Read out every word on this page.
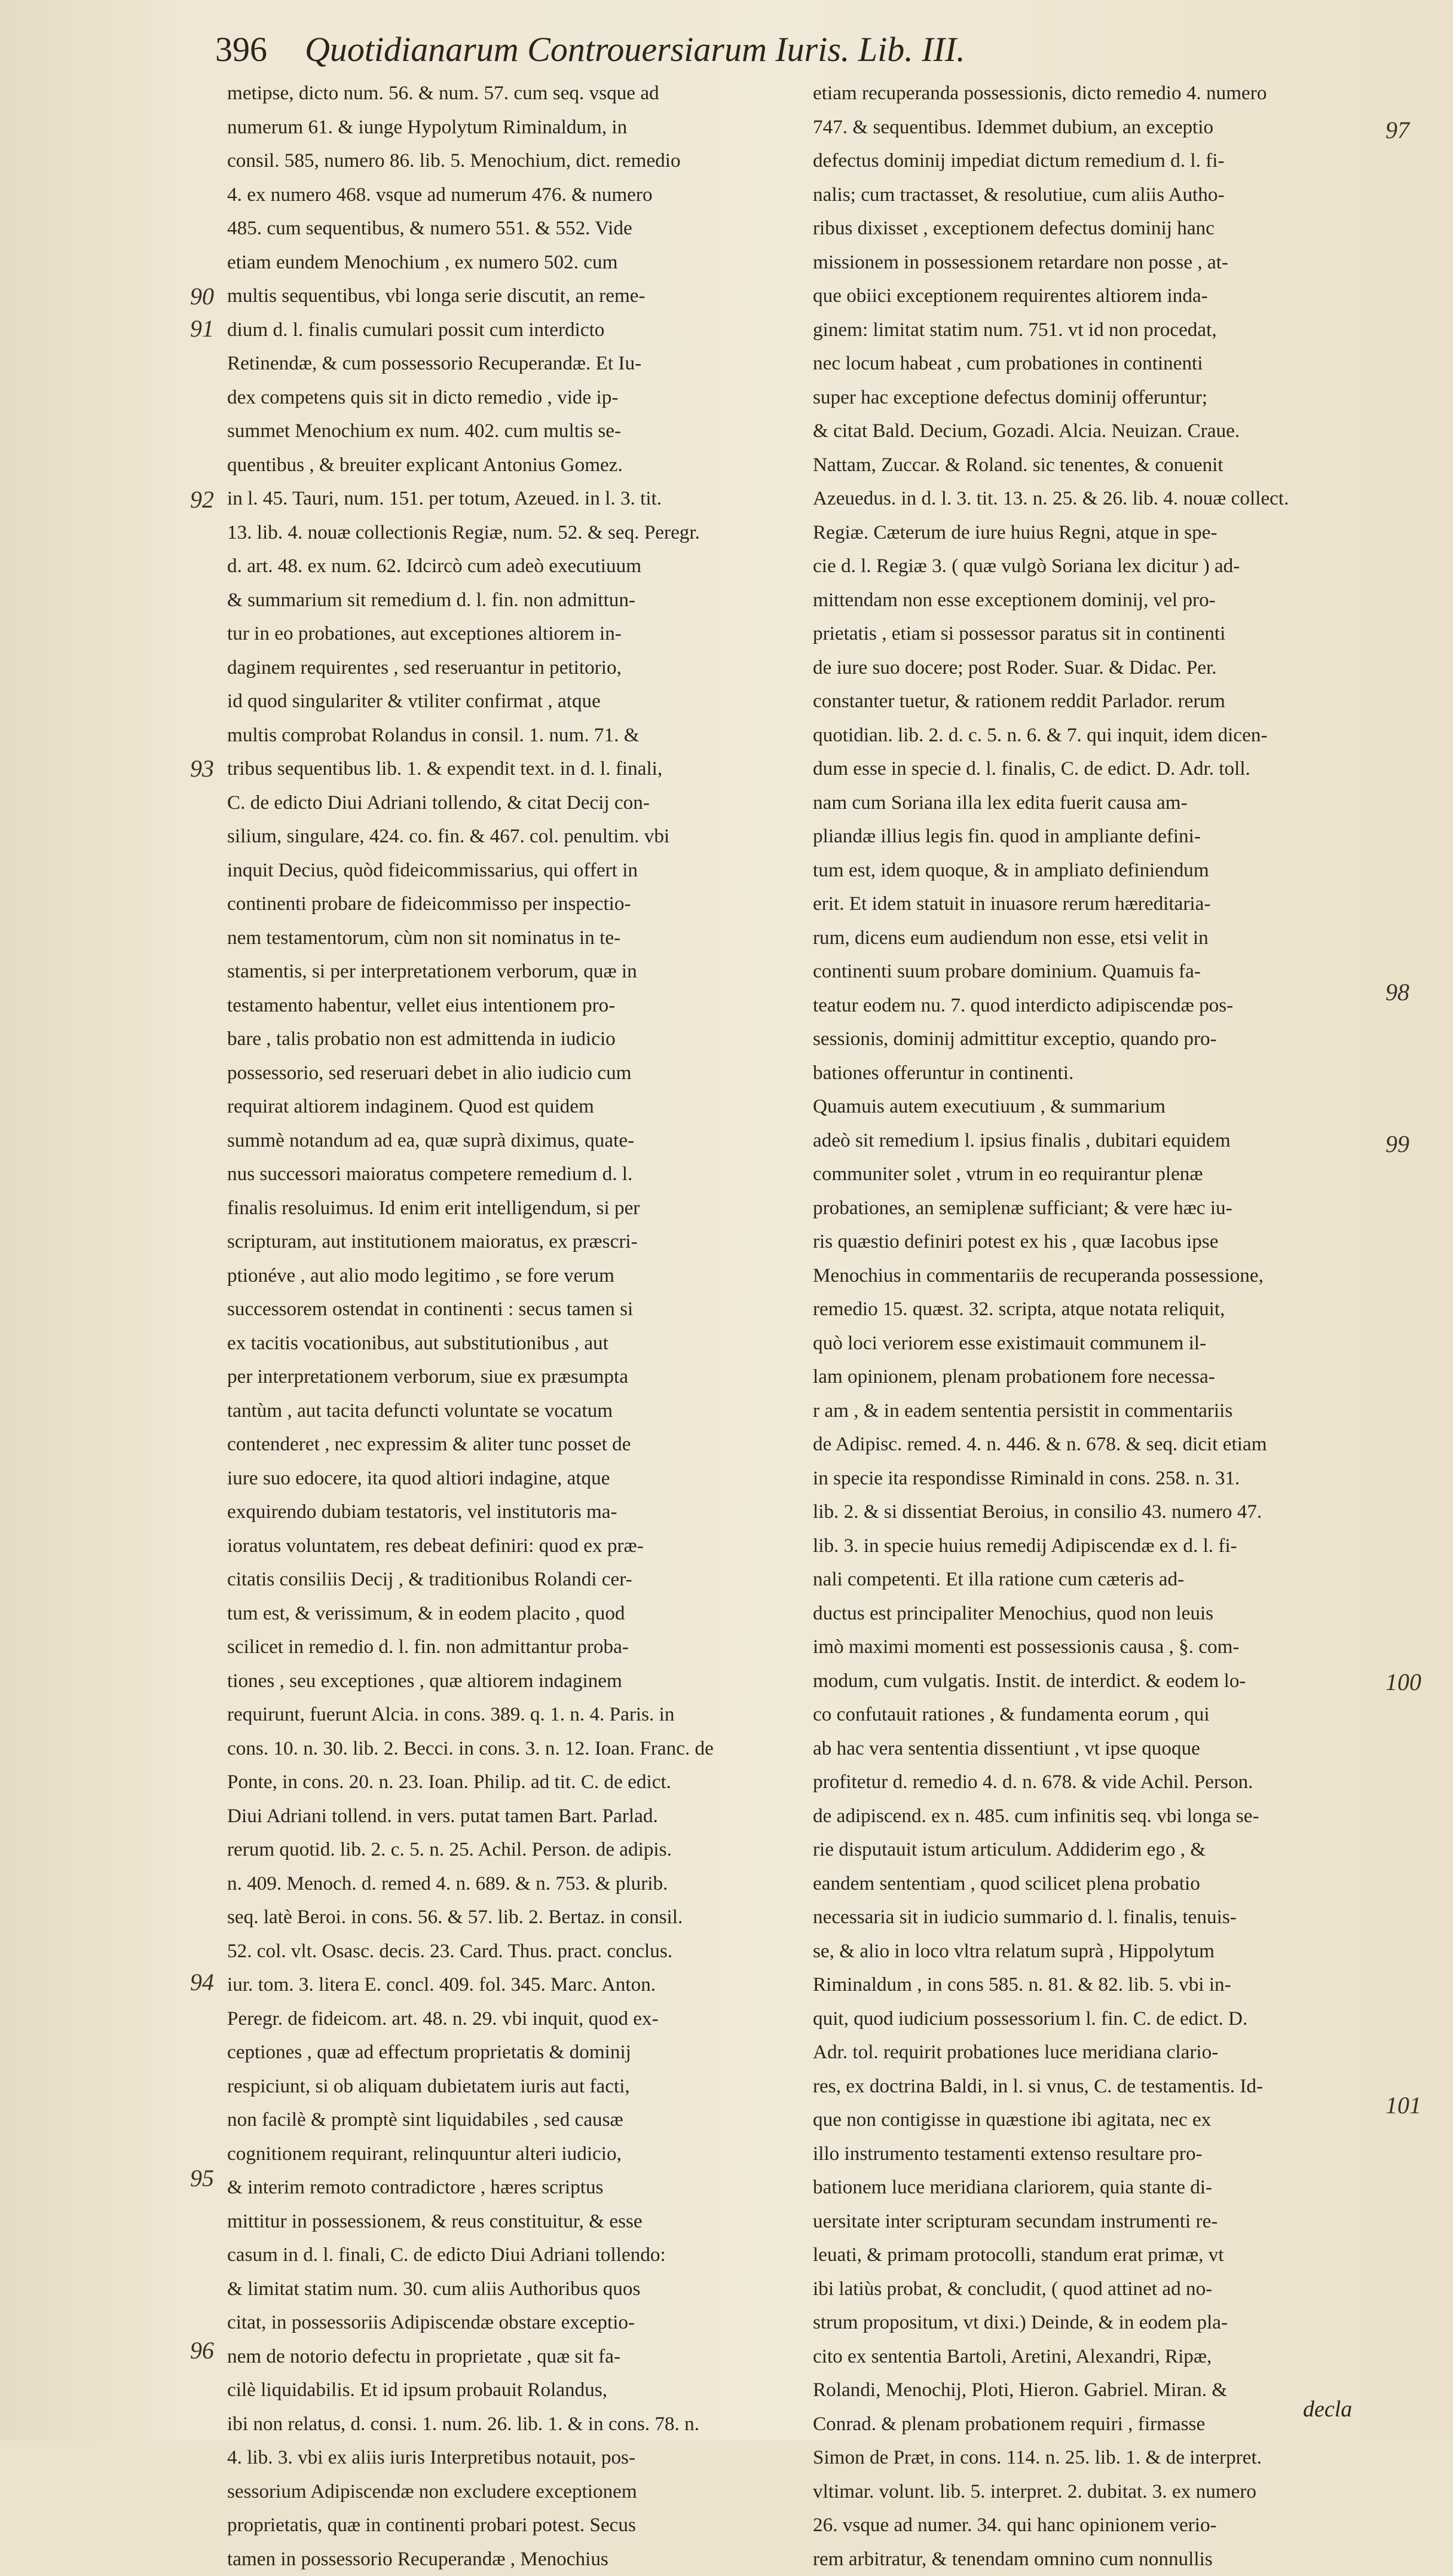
396 Quotidianarum Controuersiarum Iuris. Lib. III.
metipse, dicto num. 56. & num. 57. cum seq. vsque ad
numerum 61. & iunge Hypolytum Riminaldum, in
consil. 585, numero 86. lib. 5. Menochium, dict. remedio
4. ex numero 468. vsque ad numerum 476. & numero
485. cum sequentibus, & numero 551. & 552. Vide
etiam eundem Menochium , ex numero 502. cum
multis sequentibus, vbi longa serie discutit, an reme-
dium d. l. finalis cumulari possit cum interdicto
Retinendæ, & cum possessorio Recuperandæ. Et Iu-
dex competens quis sit in dicto remedio , vide ip-
summet Menochium ex num. 402. cum multis se-
quentibus , & breuiter explicant Antonius Gomez.
in l. 45. Tauri, num. 151. per totum, Azeued. in l. 3. tit.
13. lib. 4. nouæ collectionis Regiæ, num. 52. & seq. Peregr.
d. art. 48. ex num. 62. Idcircò cum adeò executiuum
& summarium sit remedium d. l. fin. non admittun-
tur in eo probationes, aut exceptiones altiorem in-
daginem requirentes , sed reseruantur in petitorio,
id quod singulariter & vtiliter confirmat , atque
multis comprobat Rolandus in consil. 1. num. 71. &
tribus sequentibus lib. 1. & expendit text. in d. l. finali,
C. de edicto Diui Adriani tollendo, & citat Decij con-
silium, singulare, 424. co. fin. & 467. col. penultim. vbi
inquit Decius, quòd fideicommissarius, qui offert in
continenti probare de fideicommisso per inspectio-
nem testamentorum, cùm non sit nominatus in te-
stamentis, si per interpretationem verborum, quæ in
testamento habentur, vellet eius intentionem pro-
bare , talis probatio non est admittenda in iudicio
possessorio, sed reseruari debet in alio iudicio cum
requirat altiorem indaginem. Quod est quidem
summè notandum ad ea, quæ suprà diximus, quate-
nus successori maioratus competere remedium d. l.
finalis resoluimus. Id enim erit intelligendum, si per
scripturam, aut institutionem maioratus, ex præscri-
ptionéve , aut alio modo legitimo , se fore verum
successorem ostendat in continenti : secus tamen si
ex tacitis vocationibus, aut substitutionibus , aut
per interpretationem verborum, siue ex præsumpta
tantùm , aut tacita defuncti voluntate se vocatum
contenderet , nec expressim & aliter tunc posset de
iure suo edocere, ita quod altiori indagine, atque
exquirendo dubiam testatoris, vel institutoris ma-
ioratus voluntatem, res debeat definiri: quod ex præ-
citatis consiliis Decij , & traditionibus Rolandi cer-
tum est, & verissimum, & in eodem placito , quod
scilicet in remedio d. l. fin. non admittantur proba-
tiones , seu exceptiones , quæ altiorem indaginem
requirunt, fuerunt Alcia. in cons. 389. q. 1. n. 4. Paris. in
cons. 10. n. 30. lib. 2. Becci. in cons. 3. n. 12. Ioan. Franc. de
Ponte, in cons. 20. n. 23. Ioan. Philip. ad tit. C. de edict.
Diui Adriani tollend. in vers. putat tamen Bart. Parlad.
rerum quotid. lib. 2. c. 5. n. 25. Achil. Person. de adipis.
n. 409. Menoch. d. remed 4. n. 689. & n. 753. & plurib.
seq. latè Beroi. in cons. 56. & 57. lib. 2. Bertaz. in consil.
52. col. vlt. Osasc. decis. 23. Card. Thus. pract. conclus.
iur. tom. 3. litera E. concl. 409. fol. 345. Marc. Anton.
Peregr. de fideicom. art. 48. n. 29. vbi inquit, quod ex-
ceptiones , quæ ad effectum proprietatis & dominij
respiciunt, si ob aliquam dubietatem iuris aut facti,
non facilè & promptè sint liquidabiles , sed causæ
cognitionem requirant, relinquuntur alteri iudicio,
& interim remoto contradictore , hæres scriptus
mittitur in possessionem, & reus constituitur, & esse
casum in d. l. finali, C. de edicto Diui Adriani tollendo:
& limitat statim num. 30. cum aliis Authoribus quos
citat, in possessoriis Adipiscendæ obstare exceptio-
nem de notorio defectu in proprietate , quæ sit fa-
cilè liquidabilis. Et id ipsum probauit Rolandus,
ibi non relatus, d. consi. 1. num. 26. lib. 1. & in cons. 78. n.
4. lib. 3. vbi ex aliis iuris Interpretibus notauit, pos-
sessorium Adipiscendæ non excludere exceptionem
proprietatis, quæ in continenti probari potest. Secus
tamen in possessorio Recuperandæ , Menochius
etiam recuperanda possessionis, dicto remedio 4. numero
747. & sequentibus. Idemmet dubium, an exceptio
defectus dominij impediat dictum remedium d. l. fi-
nalis; cum tractasset, & resolutiue, cum aliis Autho-
ribus dixisset , exceptionem defectus dominij hanc
missionem in possessionem retardare non posse , at-
que obiici exceptionem requirentes altiorem inda-
ginem: limitat statim num. 751. vt id non procedat,
nec locum habeat , cum probationes in continenti
super hac exceptione defectus dominij offeruntur;
& citat Bald. Decium, Gozadi. Alcia. Neuizan. Craue.
Nattam, Zuccar. & Roland. sic tenentes, & conuenit
Azeuedus. in d. l. 3. tit. 13. n. 25. & 26. lib. 4. nouæ collect.
Regiæ. Cæterum de iure huius Regni, atque in spe-
cie d. l. Regiæ 3. ( quæ vulgò Soriana lex dicitur ) ad-
mittendam non esse exceptionem dominij, vel pro-
prietatis , etiam si possessor paratus sit in continenti
de iure suo docere; post Roder. Suar. & Didac. Per.
constanter tuetur, & rationem reddit Parlador. rerum
quotidian. lib. 2. d. c. 5. n. 6. & 7. qui inquit, idem dicen-
dum esse in specie d. l. finalis, C. de edict. D. Adr. toll.
nam cum Soriana illa lex edita fuerit causa am-
pliandæ illius legis fin. quod in ampliante defini-
tum est, idem quoque, & in ampliato definiendum
erit. Et idem statuit in inuasore rerum hæreditaria-
rum, dicens eum audiendum non esse, etsi velit in
continenti suum probare dominium. Quamuis fa-
teatur eodem nu. 7. quod interdicto adipiscendæ pos-
sessionis, dominij admittitur exceptio, quando pro-
bationes offeruntur in continenti.
Quamuis autem executiuum , & summarium
adeò sit remedium l. ipsius finalis , dubitari equidem
communiter solet , vtrum in eo requirantur plenæ
probationes, an semiplenæ sufficiant; & vere hæc iu-
ris quæstio definiri potest ex his , quæ Iacobus ipse
Menochius in commentariis de recuperanda possessione,
remedio 15. quæst. 32. scripta, atque notata reliquit,
quò loci veriorem esse existimauit communem il-
lam opinionem, plenam probationem fore necessa-
r am , & in eadem sententia persistit in commentariis
de Adipisc. remed. 4. n. 446. & n. 678. & seq. dicit etiam
in specie ita respondisse Riminald in cons. 258. n. 31.
lib. 2. & si dissentiat Beroius, in consilio 43. numero 47.
lib. 3. in specie huius remedij Adipiscendæ ex d. l. fi-
nali competenti. Et illa ratione cum cæteris ad-
ductus est principaliter Menochius, quod non leuis
imò maximi momenti est possessionis causa , §. com-
modum, cum vulgatis. Instit. de interdict. & eodem lo-
co confutauit rationes , & fundamenta eorum , qui
ab hac vera sententia dissentiunt , vt ipse quoque
profitetur d. remedio 4. d. n. 678. & vide Achil. Person.
de adipiscend. ex n. 485. cum infinitis seq. vbi longa se-
rie disputauit istum articulum. Addiderim ego , &
eandem sententiam , quod scilicet plena probatio
necessaria sit in iudicio summario d. l. finalis, tenuis-
se, & alio in loco vltra relatum suprà , Hippolytum
Riminaldum , in cons 585. n. 81. & 82. lib. 5. vbi in-
quit, quod iudicium possessorium l. fin. C. de edict. D.
Adr. tol. requirit probationes luce meridiana clario-
res, ex doctrina Baldi, in l. si vnus, C. de testamentis. Id-
que non contigisse in quæstione ibi agitata, nec ex
illo instrumento testamenti extenso resultare pro-
bationem luce meridiana clariorem, quia stante di-
uersitate inter scripturam secundam instrumenti re-
leuati, & primam protocolli, standum erat primæ, vt
ibi latiùs probat, & concludit, ( quod attinet ad no-
strum propositum, vt dixi.) Deinde, & in eodem pla-
cito ex sententia Bartoli, Aretini, Alexandri, Ripæ,
Rolandi, Menochij, Ploti, Hieron. Gabriel. Miran. &
Conrad. & plenam probationem requiri , firmasse
Simon de Præt, in cons. 114. n. 25. lib. 1. & de interpret.
vltimar. volunt. lib. 5. interpret. 2. dubitat. 3. ex numero
26. vsque ad numer. 34. qui hanc opinionem verio-
rem arbitratur, & tenendam omnino cum nonnullis
90
91
92
93
94
95
96
97
98
99
100
101
decla
